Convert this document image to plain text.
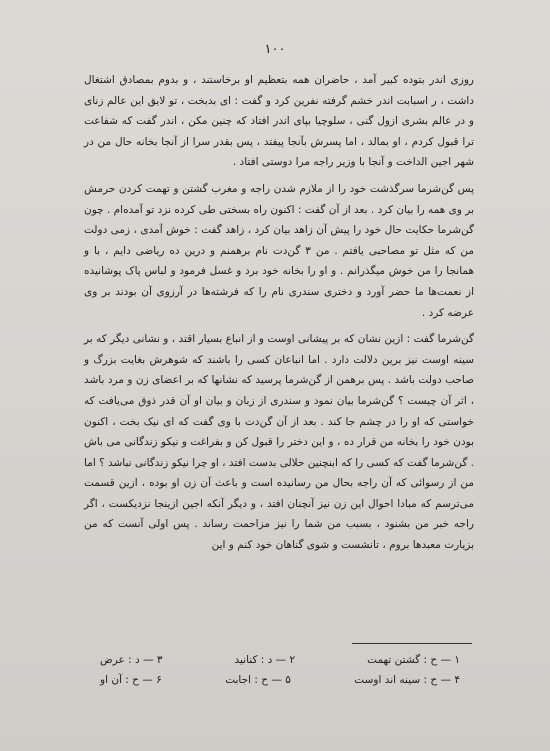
۱۰۰

روزی اندر بتوده کبیر آمد ، حاضران همه بتعظیم او برخاستند ، و بدوم بمصادق اشتغال داشت ، ر اسبابت اندر خشم گرفته نفرین کرد و گفت : ای بدبخت ، تو لایق این عالم زنای و در عالم بشری ازول گنی ، سلوچیا بپای اندر افتاد که چنین مکن ، اندر گفت که شفاعت ترا قبول کردم ، او بمالد ، اما پسرش بآنجا پیفتد ، پس بقدر سرا از آنجا بخانه حال من در شهر اجین الداخت و آنجا با وزیر راجه مرا دوستی افتاد .

پس گن‌شرما سرگذشت خود را از ملازم شدن راجه و مغرب گشتن و تهمت کردن حرمش بر وی همه را بیان کرد . بعد از آن گفت : اکنون راه بسختی طی کرده نزد تو آمده‌ام . چون گن‌شرما حکایت حال خود را پیش آن زاهد بیان کرد ، زاهد گفت : خوش آمدی ، زمی دولت من که مثل تو مصاحبی یافتم . من ۳ گن‌دت نام برهمنم و درین ده ریاضی دایم ، با و همانجا را من خوش میگذرانم . و او را بخانه خود برد و غسل فرمود و لباس پاک پوشانیده از نعمت‌ها ما حضر آورد و دختری سندری نام را که فرشته‌ها در آرزوی آن بودند بر وی عرضه کرد .

گن‌شرما گفت : ازین نشان که بر پیشانی اوست و از انباع بسیار اقتد ، و نشانی دیگر که بر سینه اوست نیز برین دلالت دارد . اما انباعان کسی را باشند که شوهرش بغایت بزرگ و صاحب دولت باشد . پس برهمن از گن‌شرما پرسید که نشانها که بر اعضای زن و مرد باشد ، اثر آن چیست ؟ گن‌شرما بیان نمود و سندری از زبان و بیان او آن قدر ذوق می‌یافت که خواستی که او را در چشم جا کند . بعد از آن گن‌دت با وی گفت که ای نیک بخت ، اکنون بودن خود را بخانه من قرار ده ، و این دختر را قبول کن و بفراغت و نیکو زندگانی می باش . گن‌شرما گفت که کسی را که ابنچنین حلالی بدست افتد ، او چرا نیکو زندگانی نباشد ؟ اما من از رسوائی که آن راجه بحال من رسانیده است و باعث آن زن او بوده ، ازین قسمت می‌ترسم که مبادا احوال این زن نیز آنچنان افتد ، و دیگر آنکه اجین ازینجا نزدیکست ، اگر راجه خبر من بشنود ، بسبب من شما را نیز مزاحمت رساند . پس اولی آنست که من بزیارت معبدها بروم ، تانشست و شوی گناهان خود کنم و این

۱ — ح : گشتن تهمت
۲ — د : کنانید
۳ — د : عرض
۴ — ح : سینه اند اوست
۵ — ح : اجابت
۶ — ح : آن او
